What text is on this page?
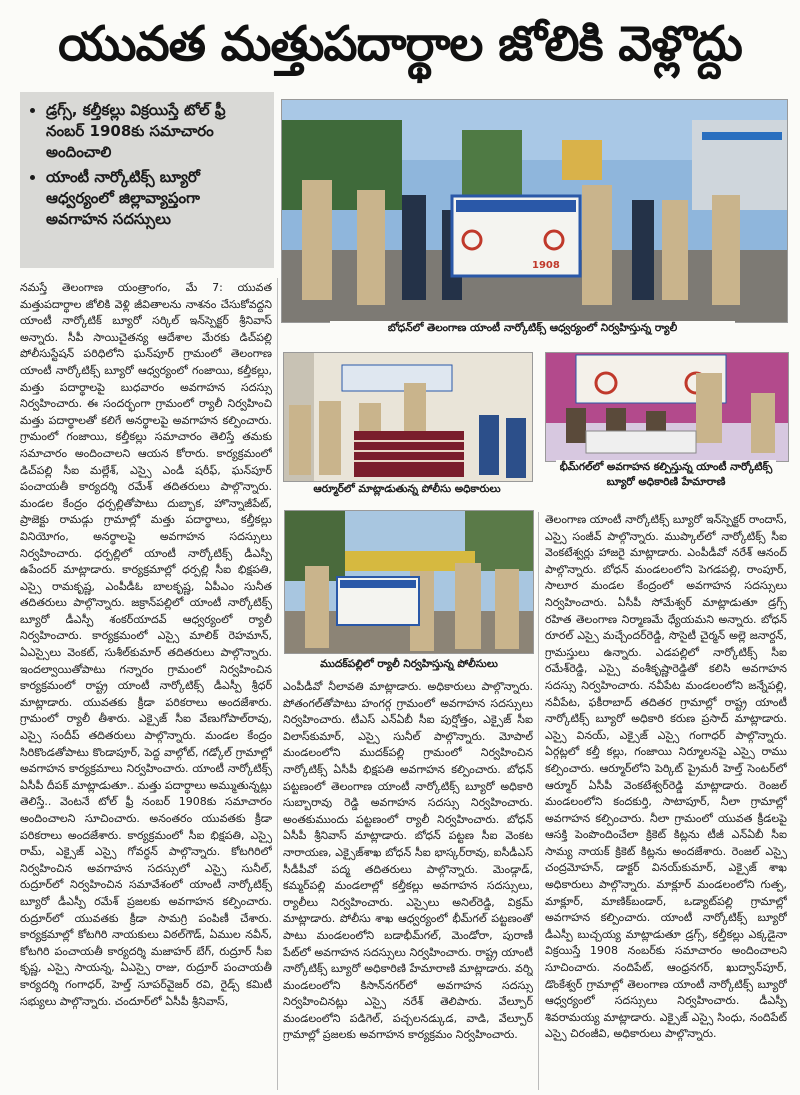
యువత మత్తుపదార్థాల జోలికి వెళ్లొద్దు
• డ్రగ్స్‌, కల్తీకల్లు విక్రయిస్తే టోల్‌ ఫ్రీ నంబర్‌ 1908కు సమాచారం అందించాలి
• యాంటీ నార్కోటిక్స్‌ బ్యూరో ఆధ్వర్యంలో జిల్లావ్యాప్తంగా అవగాహన సదస్సులు
1908
బోధన్‌లో తెలంగాణ యాంటీ నార్కోటిక్స్‌ ఆధ్వర్యంలో నిర్వహిస్తున్న ర్యాలీ
ఆర్మూర్‌లో మాట్లాడుతున్న పోలీసు అధికారులు
భీమ్‌గల్‌లో అవగాహన కల్పిస్తున్న యాంటీ నార్కోటిక్స్‌ బ్యూరో అధికారిణి హేమారాణి
ముదక్‌పల్లిలో ర్యాలీ నిర్వహిస్తున్న పోలీసులు

నమస్తే తెలంగాణ యంత్రాంగం, మే 7: యువత మత్తుపదార్థాల జోలికి వెళ్లి జీవితాలను నాశనం చేసుకోవద్దని యాంటీ నార్కోటిక్‌ బ్యూరో సర్కిల్‌ ఇన్‌స్పెక్టర్‌ శ్రీనివాస్‌ అన్నారు. సీపీ సాయిచైతన్య ఆదేశాల మేరకు డిచ్‌పల్లి పోలీసుస్టేషన్‌ పరిధిలోని ఘన్‌పూర్‌ గ్రామంలో తెలంగాణ యాంటీ నార్కోటిక్స్‌ బ్యూరో ఆధ్వర్యంలో గంజాయి, కల్తీకల్లు, మత్తు పదార్థాలపై బుధవారం అవగాహన సదస్సు నిర్వహించారు. ఈ సందర్భంగా గ్రామంలో ర్యాలీ నిర్వహించి మత్తు పదార్థాలతో కలిగే అనర్థాలపై అవగాహన కల్పించారు. గ్రామంలో గంజాయి, కల్తీకల్లు సమాచారం తెలిస్తే తమకు సమాచారం అందించాలని ఆయన కోరారు. కార్యక్రమంలో డిచ్‌పల్లి సీఐ మల్లేశ్‌, ఎస్సై ఎండీ షరీఫ్‌, ఘన్‌పూర్‌ పంచాయతీ కార్యదర్శి రమేశ్‌ తదితరులు పాల్గొన్నారు. మండల కేంద్రం ధర్పల్లితోపాటు దుబ్బాక, హొన్నాజీపేట్‌, ప్రాజెక్టు రామడ్గు గ్రామాల్లో మత్తు పదార్థాలు, కల్తీకల్లు వినియోగం, అనర్థాలపై అవగాహన సదస్సులు నిర్వహించారు. ధర్పల్లిలో యాంటీ నార్కోటిక్స్‌ డీఎస్పీ ఉపేందర్‌ మాట్లాడారు. కార్యక్రమాల్లో ధర్పల్లి సీఐ భిక్షపతి, ఎస్సై రామకృష్ణ, ఎంపీడీఓ బాలకృష్ణ, ఏపీఎం సునీత తదితరులు పాల్గొన్నారు. జక్రాన్‌పల్లిలో యాంటీ నార్కోటిక్స్‌ బ్యూరో డీఎస్పీ శంకర్‌యాదవ్‌ ఆధ్వర్యంలో ర్యాలీ నిర్వహించారు. కార్యక్రమంలో ఎస్సై మాలిక్‌ రెహమాన్‌, ఏఎస్సైలు వెంకట్‌, సుశీల్‌కుమార్‌ తదితరులు పాల్గొన్నారు. ఇందల్వాయితోపాటు గన్నారం గ్రామంలో నిర్వహించిన కార్యక్రమంలో రాష్ట్ర యాంటీ నార్కోటిక్స్‌ డీఎస్పీ శ్రీధర్‌ మాట్లాడారు. యువతకు క్రీడా పరికరాలు అందజేశారు. గ్రామంలో ర్యాలీ తీశారు. ఎక్సైజ్‌ సీఐ వేణుగోపాల్‌రావు, ఎస్సై సందీప్‌ తదితరులు పాల్గొన్నారు. మండల కేంద్రం సిరికొండతోపాటు కొండాపూర్‌, పెద్ద వాల్గోట్‌, గడ్కోల్‌ గ్రామాల్లో అవగాహన కార్యక్రమాలు నిర్వహించారు. యాంటీ నార్కోటిక్స్‌ ఏసీపీ దీపక్‌ మాట్లాడుతూ.. మత్తు పదార్థాలు అమ్ముతున్నట్లు తెలిస్తే.. వెంటనే టోల్‌ ఫ్రీ నంబర్‌ 1908కు సమాచారం అందించాలని సూచించారు. అనంతరం యువతకు క్రీడా పరికరాలు అందజేశారు. కార్యక్రమంలో సీఐ భిక్షపతి, ఎస్సై రామ్‌, ఎక్సైజ్‌ ఎస్సై గోవర్ధన్‌ పాల్గొన్నారు. కోటగిరిలో నిర్వహించిన అవగాహన సదస్సులో ఎస్సై సునీల్‌, రుద్రూర్‌లో నిర్వహించిన సమావేశంలో యాంటీ నార్కోటిక్స్‌ బ్యూరో డీఎస్పీ రమేశ్‌ ప్రజలకు అవగాహన కల్పించారు. రుద్రూర్‌లో యువతకు క్రీడా సామగ్రి పంపిణీ చేశారు. కార్యక్రమాల్లో కోటగిరి నాయకులు విఠల్‌గౌడ్‌, ఏముల నవీన్‌, కోటగిరి పంచాయతీ కార్యదర్శి మజాహర్‌ బేగ్‌, రుద్రూర్‌ సీఐ కృష్ణ, ఎస్సై సాయన్న, ఏఎస్సై రాజు, రుద్రూర్‌ పంచాయతీ కార్యదర్శి గంగాధర్‌, హెల్త్‌ సూపర్‌వైజర్‌ రవి, రైడ్స్‌ కమిటీ సభ్యులు పాల్గొన్నారు. చందూర్‌లో ఏసీపీ శ్రీనివాస్‌,

ఎంపీడీవో నీలావతి మాట్లాడారు. అధికారులు పాల్గొన్నారు. పోతంగల్‌తోపాటు హంగర్గ గ్రామంలో అవగాహన సదస్సులు నిర్వహించారు. టీఎస్‌ ఎన్‌ఏబీ సీఐ పుర్షోత్తం, ఎక్సైజ్‌ సీఐ విలాస్‌కుమార్‌, ఎస్సై సునీల్‌ పాల్గొన్నారు. మోపాల్‌ మండలంలోని ముదక్‌పల్లి గ్రామంలో నిర్వహించిన నార్కోటిక్స్‌ ఏసీపీ భిక్షపతి అవగాహన కల్పించారు. బోధన్‌ పట్టణంలో తెలంగాణ యాంటీ నార్కోటిక్స్‌ బ్యూరో అధికారి సుబ్బారావు రెడ్డి అవగాహన సదస్సు నిర్వహించారు. అంతకుముందు పట్టణంలో ర్యాలీ నిర్వహించారు. బోధన్‌ ఏసీపీ శ్రీనివాస్‌ మాట్లాడారు. బోధన్‌ పట్టణ సీఐ వెంకట నారాయణ, ఎక్సైజ్‌శాఖ బోధన్‌ సీఐ భాస్కర్‌రావు, ఐసీడీఎస్‌ సీడీపీవో పద్మ తదితరులు పాల్గొన్నారు. మెండ్గాడ్‌, కమ్మర్‌పల్లి మండలాల్లో కల్తీకల్లు అవగాహన సదస్సులు, ర్యాలీలు నిర్వహించారు. ఎస్సైలు అనిల్‌రెడ్డి, విక్రమ్‌ మాట్లాడారు. పోలీసు శాఖ ఆధ్వర్యంలో భీమ్‌గల్‌ పట్టణంతో పాటు మండలంలోని బడాభీమ్‌గల్‌, మెండోరా, పురాణీ పేట్‌లో అవగాహన సదస్సులు నిర్వహించారు. రాష్ట్ర యాంటీ నార్కోటిక్స్‌ బ్యూరో అధికారిణి హేమారాణి మాట్లాడారు. వర్ని మండలంలోని కిసాన్‌నగర్‌లో అవగాహన సదస్సు నిర్వహించినట్లు ఎస్సై నరేశ్‌ తెలిపారు. వేల్పూర్‌ మండలంలోని పడిగెల్‌, పచ్చలనడ్కుడ, వాడి, వేల్పూర్‌ గ్రామాల్లో ప్రజలకు అవగాహన కార్యక్రమం నిర్వహించారు.

తెలంగాణ యాంటీ నార్కోటిక్స్‌ బ్యూరో ఇన్‌స్పెక్టర్‌ రాందాస్‌, ఎస్సై సంజీవ్‌ పాల్గొన్నారు. ముప్కాల్‌లో నార్కోటిక్స్‌ సీఐ వెంకటేశ్వర్లు హాజరై మాట్లాడారు. ఎంపీడీవో నరేశ్‌ ఆనంద్‌ పాల్గొన్నారు. బోధన్‌ మండలంలోని పెగడపల్లి, రాంపూర్‌, సాలూర మండల కేంద్రంలో అవగాహన సదస్సులు నిర్వహించారు. ఏసీపీ సోమేశ్వర్‌ మాట్లాడుతూ డ్రగ్స్‌ రహిత తెలంగాణ నిర్మాణమే ధ్యేయమని అన్నారు. బోధన్‌ రూరల్‌ ఎస్సై మచ్చేందర్‌రెడ్డి, సొసైటీ చైర్మన్‌ అల్లె జనార్దన్‌, గ్రామస్తులు ఉన్నారు. ఎడపల్లిలో నార్కోటిక్స్‌ సీఐ రమేశ్‌రెడ్డి, ఎస్సై వంశీకృష్ణారెడ్డితో కలిసి అవగాహన సదస్సు నిర్వహించారు. నవీపేట మండలంలోని జన్నేపల్లి, నవీపేట, ఫకీరాబాద్‌ తదితర గ్రామాల్లో రాష్ట్ర యాంటీ నార్కోటిక్స్‌ బ్యూరో అధికారి కరుణ ప్రసాద్‌ మాట్లాడారు. ఎస్సై వినయ్‌, ఎక్సైజ్‌ ఎస్సై గంగాధర్‌ పాల్గొన్నారు. ఏర్గట్లలో కల్తీ కల్లు, గంజాయి నిర్మూలనపై ఎస్సై రాము కల్పించారు. ఆర్మూర్‌లోని పెర్కిట్‌ ప్రైమరీ హెల్త్‌ సెంటర్‌లో ఆర్మూర్‌ ఏసీపీ వెంకటేశ్వర్‌రెడ్డి మాట్లాడారు. రెంజల్‌ మండలంలోని కందకుర్తి, సాటాపూర్‌, నీలా గ్రామాల్లో అవగాహన కల్పించారు. నీలా గ్రామంలో యువత క్రీడలపై ఆసక్తి పెంపొందించేలా క్రికెట్‌ కిట్లను టీజీ ఎన్‌ఏబీ సీఐ సామ్య నాయక్‌ క్రికెట్‌ కిట్లను అందజేశారు. రెంజల్‌ ఎస్సై చంద్రమోహన్‌, డాక్టర్‌ వినయ్‌కుమార్‌, ఎక్సైజ్‌ శాఖ అధికారులు పాల్గొన్నారు. మాక్లూర్‌ మండలంలోని గుత్ప, మాక్లూర్‌, మాణిక్‌బండార్‌, ఒడ్యాట్‌పల్లి గ్రామాల్లో అవగాహన కల్పించారు. యాంటీ నార్కోటిక్స్‌ బ్యూరో డీఎస్పీ బుచ్చయ్య మాట్లాడుతూ డ్రగ్స్‌, కల్తీకల్లు ఎక్కడైనా విక్రయిస్తే 1908 నంబర్‌కు సమాచారం అందించాలని సూచించారు. నందిపేట్‌, ఆంధ్రనగర్‌, ఖుద్వాన్‌పూర్‌, డొంకేశ్వర్‌ గ్రామాల్లో తెలంగాణ యాంటీ నార్కోటిక్స్‌ బ్యూరో ఆధ్వర్యంలో సదస్సులు నిర్వహించారు. డీఎస్పీ శివరామయ్య మాట్లాడారు. ఎక్సైజ్‌ ఎస్సై సింధు, నందిపేట్‌ ఎస్సై చిరంజీవి, అధికారులు పాల్గొన్నారు.
